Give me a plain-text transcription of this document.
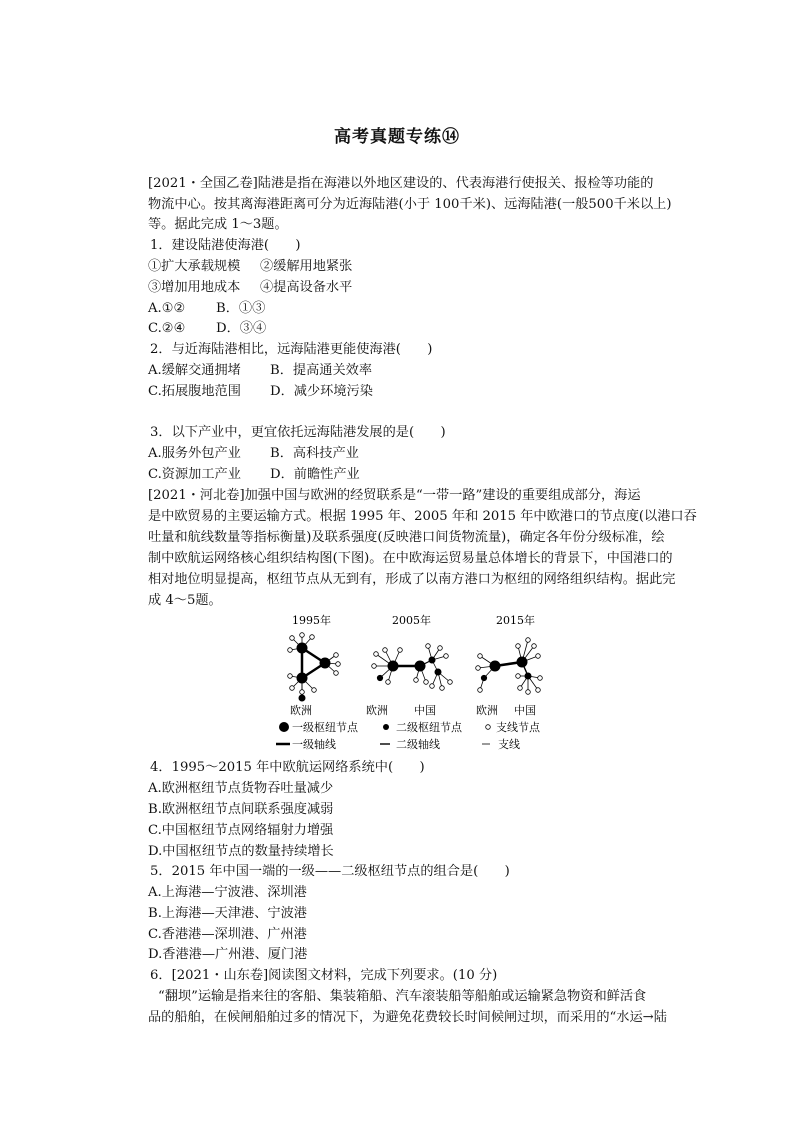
高考真题专练⑭
[2021・全国乙卷]陆港是指在海港以外地区建设的、代表海港行使报关、报检等功能的
物流中心。按其离海港距离可分为近海陆港(小于 100千米)、远海陆港(一般500千米以上)
等。据此完成 1～3题。
1．建设陆港使海港(　　)
①扩大承载规模 ②缓解用地紧张
③增加用地成本 ④提高设备水平
A.①② B．①③
C.②④ D．③④
2．与近海陆港相比，远海陆港更能使海港(　　)
A.缓解交通拥堵 B．提高通关效率
C.拓展腹地范围 D．减少环境污染
3．以下产业中，更宜依托远海陆港发展的是(　　)
A.服务外包产业 B．高科技产业
C.资源加工产业 D．前瞻性产业
[2021・河北卷]加强中国与欧洲的经贸联系是“一带一路”建设的重要组成部分，海运
是中欧贸易的主要运输方式。根据 1995 年、2005 年和 2015 年中欧港口的节点度(以港口吞
吐量和航线数量等指标衡量)及联系强度(反映港口间货物流量)，确定各年份分级标准，绘
制中欧航运网络核心组织结构图(下图)。在中欧海运贸易量总体增长的背景下，中国港口的
相对地位明显提高，枢纽节点从无到有，形成了以南方港口为枢纽的网络组织结构。据此完
成 4～5题。
1995年	2005年	2015年
欧洲	欧洲 中国	欧洲 中国
一级枢纽节点	二级枢纽节点	支线节点
一级轴线	二级轴线	支线
4．1995～2015 年中欧航运网络系统中(　　)
A.欧洲枢纽节点货物吞吐量减少
B.欧洲枢纽节点间联系强度减弱
C.中国枢纽节点网络辐射力增强
D.中国枢纽节点的数量持续增长
5．2015 年中国一端的一级——二级枢纽节点的组合是(　　)
A.上海港—宁波港、深圳港
B.上海港—天津港、宁波港
C.香港港—深圳港、广州港
D.香港港—广州港、厦门港
6．[2021・山东卷]阅读图文材料，完成下列要求。(10 分)
“翻坝”运输是指来往的客船、集装箱船、汽车滚装船等船舶或运输紧急物资和鲜活食
品的船舶，在候闸船舶过多的情况下，为避免花费较长时间候闸过坝，而采用的“水运→陆
